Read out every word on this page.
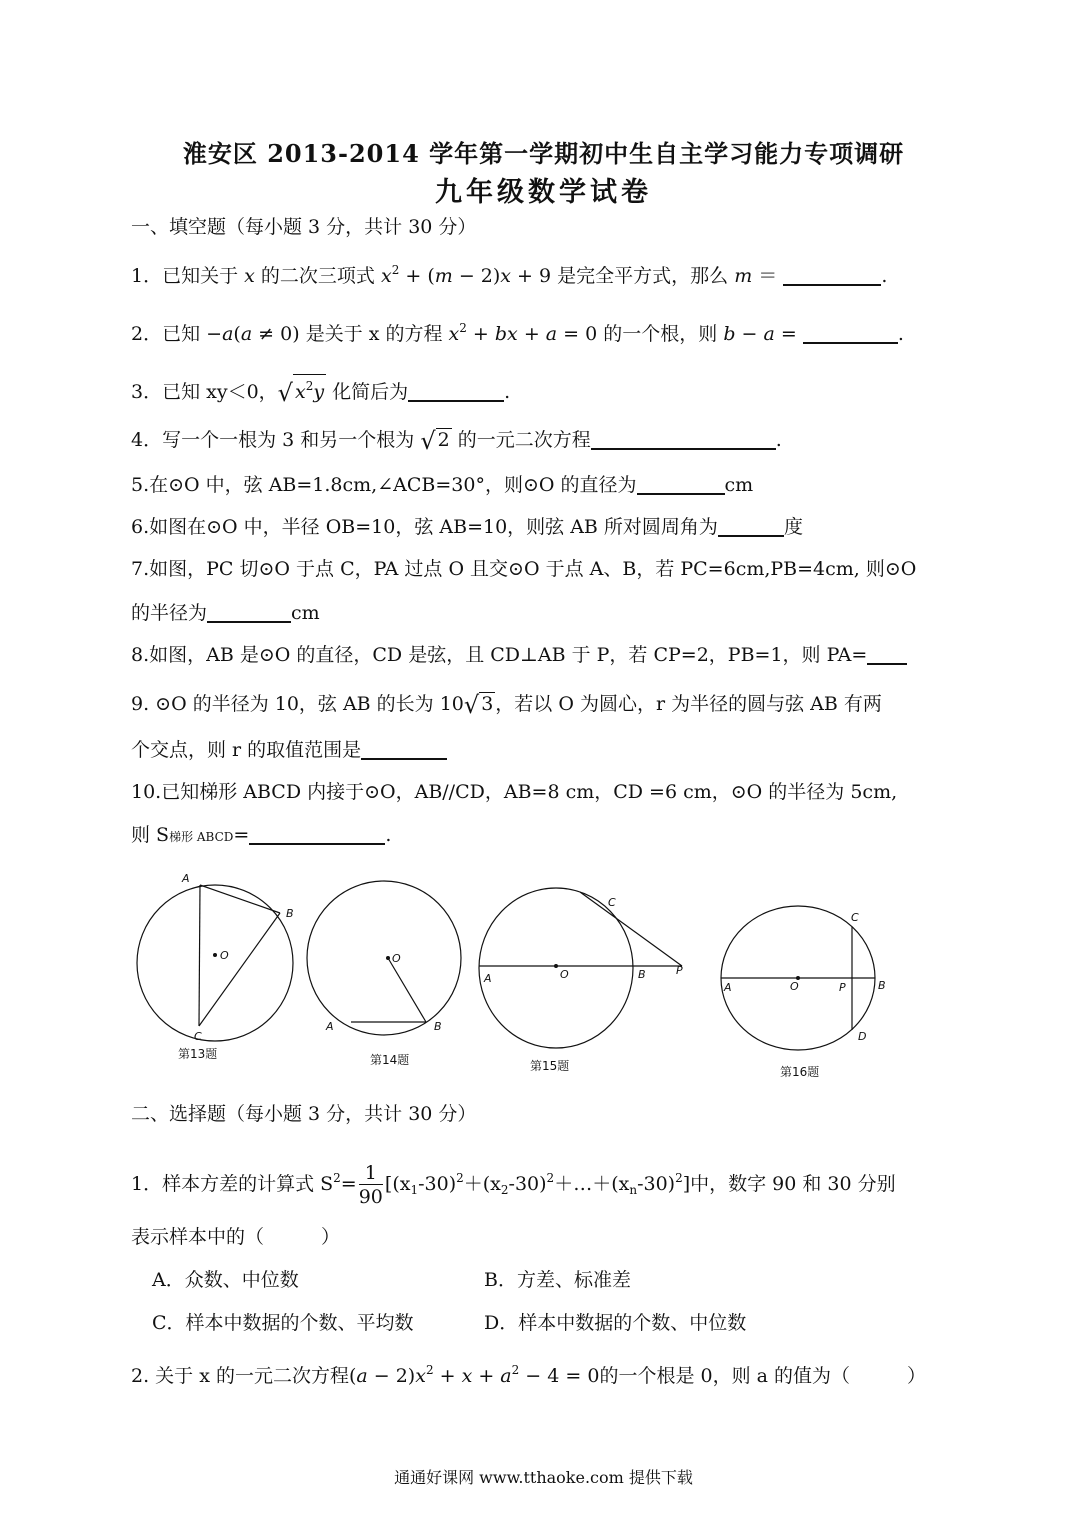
淮安区 2013-2014 学年第一学期初中生自主学习能力专项调研
九年级数学试卷
一、填空题（每小题 3 分，共计 30 分）
1．已知关于 x 的二次三项式 $x^2 + (m - 2)x + 9$ 是完全平方式，那么 m ＝	.
2．已知 −a(a ≠ 0) 是关于 x 的方程 $x^2$ + bx + a = 0 的一个根，则 b − a =	.
3．已知 xy＜0，√ $x^2y$ 化简后为	.
4．写一个一根为 3 和另一个根为 √ 2 的一元二次方程	.
5.在⊙O 中，弦 AB=1.8cm,∠ACB=30°，则⊙O 的直径为	cm
6.如图在⊙O 中，半径 OB=10，弦 AB=10，则弦 AB 所对圆周角为	度
7.如图，PC 切⊙O 于点 C，PA 过点 O 且交⊙O 于点 A、B，若 PC=6cm,PB=4cm, 则⊙O
的半径为	cm
8.如图，AB 是⊙O 的直径，CD 是弦，且 CD⊥AB 于 P，若 CP=2，PB=1，则 PA=
9. ⊙O 的半径为 10，弦 AB 的长为 10√ 3 ，若以 O 为圆心，r 为半径的圆与弦 AB 有两
个交点，则 r 的取值范围是
10.已知梯形 ABCD 内接于⊙O，AB//CD，AB=8 cm，CD =6 cm，⊙O 的半径为 5cm,
则 S梯形 ABCD=	.
A
B
C
O
第13题
O
A	B
第14题
C
A	O	B	P
第15题
C
A	O	P	B
D
第16题
二、选择题（每小题 3 分，共计 30 分）
1．样本方差的计算式 $S^2= \frac{1}{90}$ $[(x_1-30)^2+(x_2-30)^2+\dots+(x_n-30)^2]$中，数字 90 和 30 分别
表示样本中的（　　　）
A．众数、中位数	B．方差、标准差
C．样本中数据的个数、平均数	D．样本中数据的个数、中位数
2. 关于 x 的一元二次方程$(a - 2)x^2 + x + a^2 - 4 = 0$的一个根是 0，则 a 的值为（　　　）
通通好课网 www.tthaoke.com 提供下载
